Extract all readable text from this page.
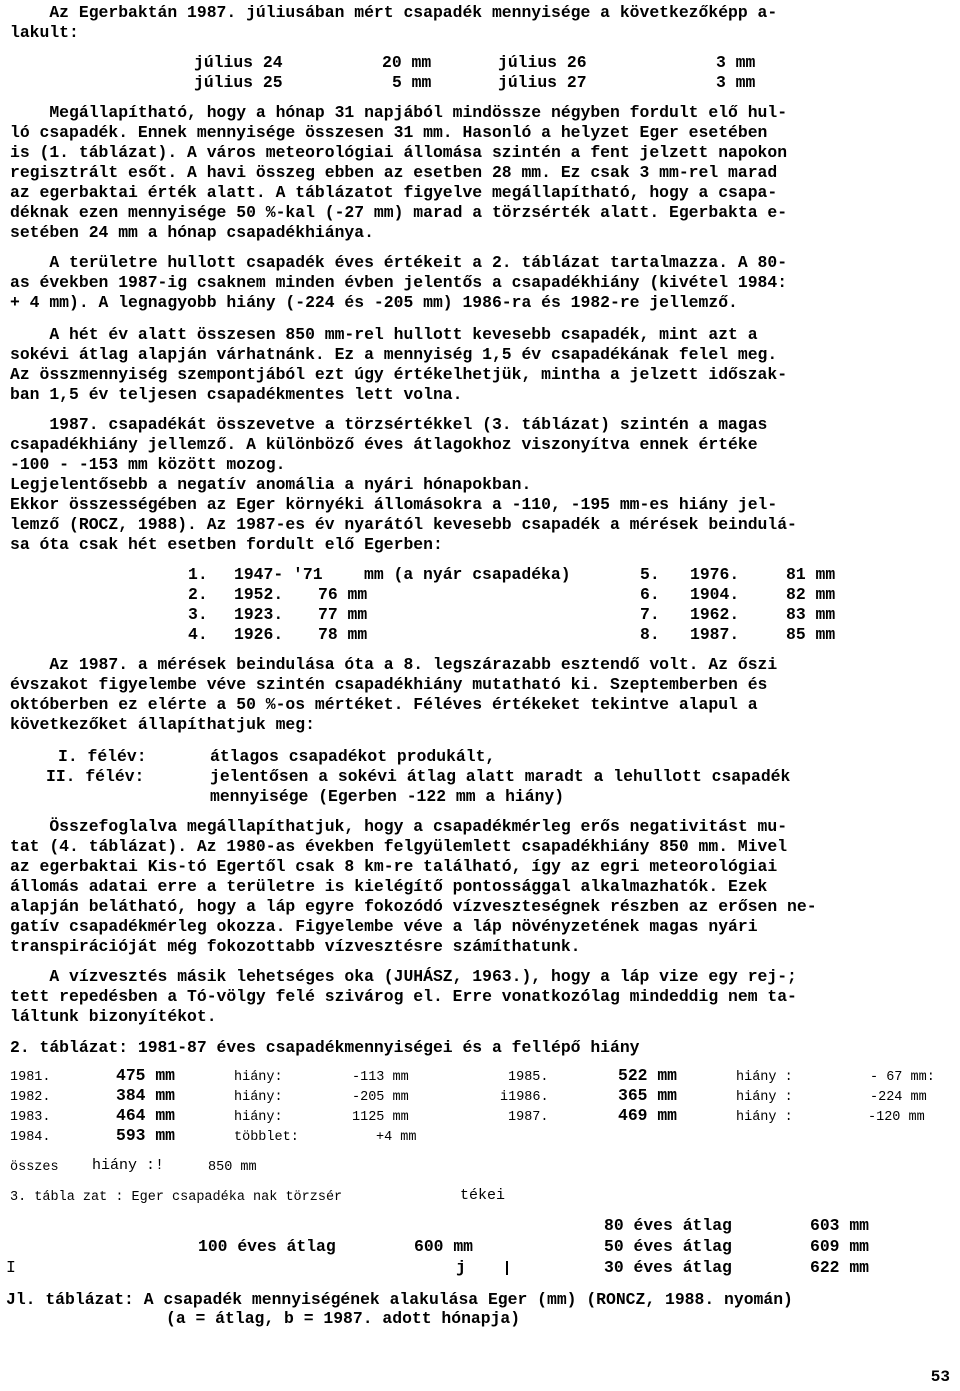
Az Egerbaktán 1987. júliusában mért csapadék mennyisége a következőképp a-
lakult:
július 24	20 mm	július 26	3 mm
július 25	5 mm	július 27	3 mm
Megállapítható, hogy a hónap 31 napjából mindössze négyben fordult elő hul-
ló csapadék. Ennek mennyisége összesen 31 mm. Hasonló a helyzet Eger esetében
is (1. táblázat). A város meteorológiai állomása szintén a fent jelzett napokon
regisztrált esőt. A havi összeg ebben az esetben 28 mm. Ez csak 3 mm-rel marad
az egerbaktai érték alatt. A táblázatot figyelve megállapítható, hogy a csapa-
déknak ezen mennyisége 50 %-kal (-27 mm) marad a törzsérték alatt. Egerbakta e-
setében 24 mm a hónap csapadékhiánya.
A területre hullott csapadék éves értékeit a 2. táblázat tartalmazza. A 80-
as években 1987-ig csaknem minden évben jelentős a csapadékhiány (kivétel 1984:
+ 4 mm). A legnagyobb hiány (-224 és -205 mm) 1986-ra és 1982-re jellemző.
A hét év alatt összesen 850 mm-rel hullott kevesebb csapadék, mint azt a
sokévi átlag alapján várhatnánk. Ez a mennyiség 1,5 év csapadékának felel meg.
Az összmennyiség szempontjából ezt úgy értékelhetjük, mintha a jelzett időszak-
ban 1,5 év teljesen csapadékmentes lett volna.
1987. csapadékát összevetve a törzsértékkel (3. táblázat) szintén a magas
csapadékhiány jellemző. A különböző éves átlagokhoz viszonyítva ennek értéke
-100 - -153 mm között mozog.
Legjelentősebb a negatív anomália a nyári hónapokban.
Ekkor összességében az Eger környéki állomásokra a -110, -195 mm-es hiány jel-
lemző (ROCZ, 1988). Az 1987-es év nyarától kevesebb csapadék a mérések beindulá-
sa óta csak hét esetben fordult elő Egerben:
1. 1947- '71	mm (a nyár csapadéka)	5. 1976.	81 mm
2. 1952. 76 mm	6. 1904.	82 mm
3. 1923. 77 mm	7. 1962.	83 mm
4. 1926. 78 mm	8. 1987.	85 mm
Az 1987. a mérések beindulása óta a 8. legszárazabb esztendő volt. Az őszi
évszakot figyelembe véve szintén csapadékhiány mutatható ki. Szeptemberben és
októberben ez elérte a 50 %-os mértéket. Féléves értékeket tekintve alapul a
következőket állapíthatjuk meg:
I. félév:	átlagos csapadékot produkált,
II. félév:	jelentősen a sokévi átlag alatt maradt a lehullott csapadék
mennyisége (Egerben -122 mm a hiány)
Összefoglalva megállapíthatjuk, hogy a csapadékmérleg erős negativitást mu-
tat (4. táblázat). Az 1980-as években felgyülemlett csapadékhiány 850 mm. Mivel
az egerbaktai Kis-tó Egertől csak 8 km-re található, így az egri meteorológiai
állomás adatai erre a területre is kielégítő pontossággal alkalmazhatók. Ezek
alapján belátható, hogy a láp egyre fokozódó vízveszteségnek részben az erősen ne-
gatív csapadékmérleg okozza. Figyelembe véve a láp növényzetének magas nyári
transpirációját még fokozottabb vízvesztésre számíthatunk.
A vízvesztés másik lehetséges oka (JUHÁSZ, 1963.), hogy a láp vize egy rej-;
tett repedésben a Tó-völgy felé szivárog el. Erre vonatkozólag mindeddig nem ta-
láltunk bizonyítékot.
2. táblázat: 1981-87 éves csapadékmennyiségei és a fellépő hiány
1981.	475 mm	hiány:	-113 mm	1985.	522 mm	hiány :	- 67 mm:
1982.	384 mm	hiány:	-205 mm	i1986.	365 mm	hiány :	-224 mm
1983.	464 mm	hiány:	1125 mm	1987.	469 mm	hiány :	-120 mm
1984.	593 mm	többlet:	+4 mm
összes hiány :!	850 mm
3. tábla zat : Eger csapadéka nak törzsér	tékei
80 éves átlag	603 mm
100 éves átlag	600 mm	50 éves átlag	609 mm
I	j	30 éves átlag	622 mm
Jl. táblázat: A csapadék mennyiségének alakulása Eger (mm) (RONCZ, 1988. nyomán)
(a = átlag, b = 1987. adott hónapja)
53
